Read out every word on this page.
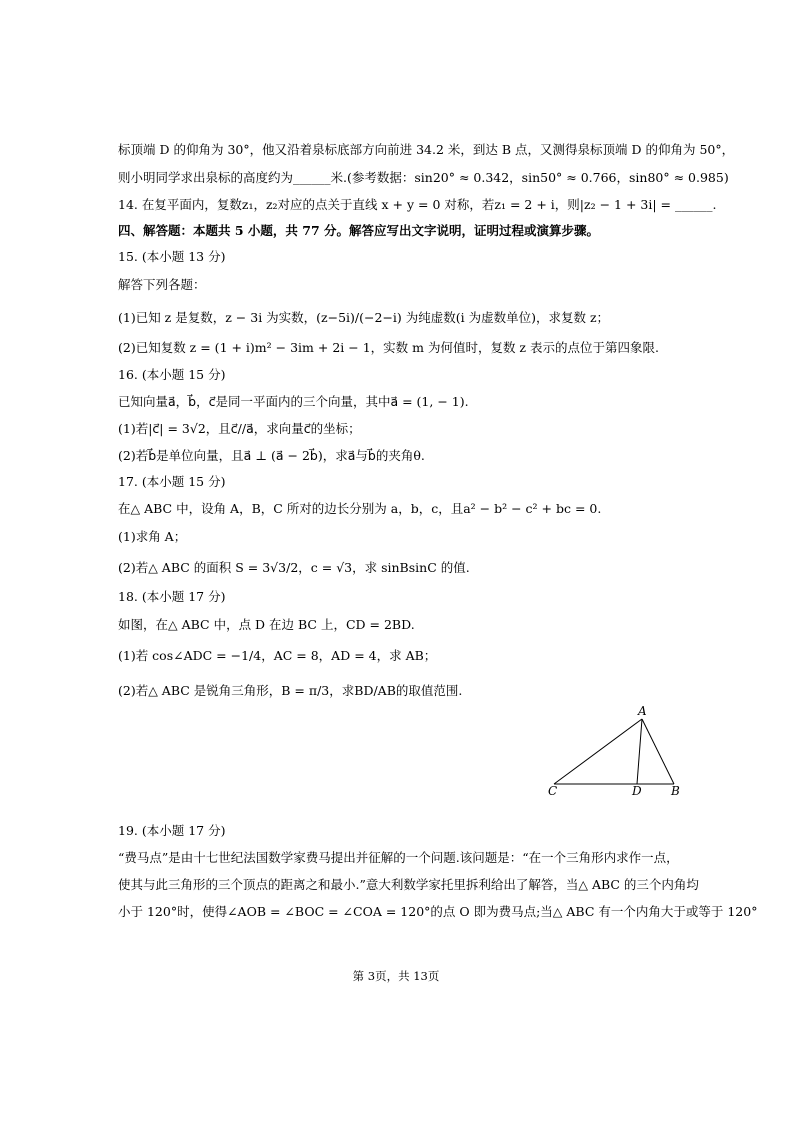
标顶端 D 的仰角为 30°，他又沿着泉标底部方向前进 34.2 米，到达 B 点，又测得泉标顶端 D 的仰角为 50°，
则小明同学求出泉标的高度约为______米.(参考数据：sin20° ≈ 0.342，sin50° ≈ 0.766，sin80° ≈ 0.985)
14. 在复平面内，复数z₁，z₂对应的点关于直线 x + y = 0 对称，若z₁ = 2 + i，则|z₂ − 1 + 3i| = ______.
四、解答题：本题共 5 小题，共 77 分。解答应写出文字说明，证明过程或演算步骤。
15. (本小题 13 分)
解答下列各题：
(1)已知 z 是复数，z − 3i 为实数，(z−5i)/(−2−i) 为纯虚数(i 为虚数单位)，求复数 z；
(2)已知复数 z = (1 + i)m² − 3im + 2i − 1，实数 m 为何值时，复数 z 表示的点位于第四象限.
16. (本小题 15 分)
已知向量a⃗，b⃗，c⃗是同一平面内的三个向量，其中a⃗ = (1, − 1).
(1)若|c⃗| = 3√2，且c⃗//a⃗，求向量c⃗的坐标；
(2)若b⃗是单位向量，且a⃗ ⊥ (a⃗ − 2b⃗)，求a⃗与b⃗的夹角θ.
17. (本小题 15 分)
在△ ABC 中，设角 A，B，C 所对的边长分别为 a，b，c，且a² − b² − c² + bc = 0.
(1)求角 A；
(2)若△ ABC 的面积 S = 3√3/2，c = √3，求 sinBsinC 的值.
18. (本小题 17 分)
如图，在△ ABC 中，点 D 在边 BC 上，CD = 2BD.
(1)若 cos∠ADC = −1/4，AC = 8，AD = 4，求 AB；
(2)若△ ABC 是锐角三角形，B = π/3，求BD/AB的取值范围.
A
C	D B
19. (本小题 17 分)
“费马点”是由十七世纪法国数学家费马提出并征解的一个问题.该问题是：“在一个三角形内求作一点，
使其与此三角形的三个顶点的距离之和最小.”意大利数学家托里拆利给出了解答，当△ ABC 的三个内角均
小于 120°时，使得∠AOB = ∠BOC = ∠COA = 120°的点 O 即为费马点;当△ ABC 有一个内角大于或等于 120°
第 3页，共 13页
